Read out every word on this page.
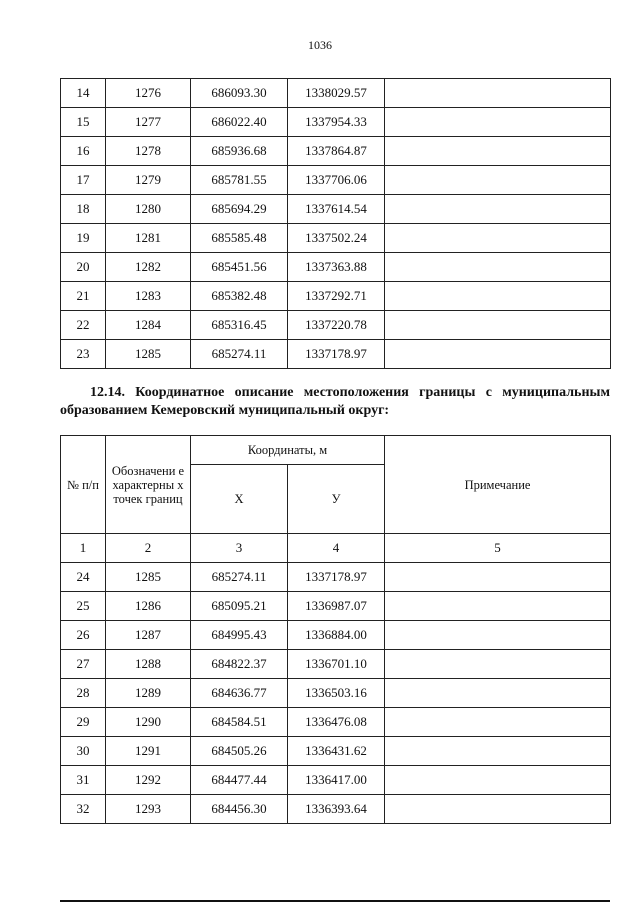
1036
14	1276	686093.30	1338029.57	
15	1277	686022.40	1337954.33	
16	1278	685936.68	1337864.87	
17	1279	685781.55	1337706.06	
18	1280	685694.29	1337614.54	
19	1281	685585.48	1337502.24	
20	1282	685451.56	1337363.88	
21	1283	685382.48	1337292.71	
22	1284	685316.45	1337220.78	
23	1285	685274.11	1337178.97	
12.14. Координатное описание местоположения границы с муниципальным образованием Кемеровский муниципальный округ:
№ п/п	Обозначени е характерны х точек границ	Координаты, м		Примечание
		Х	У	
1	2	3	4	5
24	1285	685274.11	1337178.97	
25	1286	685095.21	1336987.07	
26	1287	684995.43	1336884.00	
27	1288	684822.37	1336701.10	
28	1289	684636.77	1336503.16	
29	1290	684584.51	1336476.08	
30	1291	684505.26	1336431.62	
31	1292	684477.44	1336417.00	
32	1293	684456.30	1336393.64	
